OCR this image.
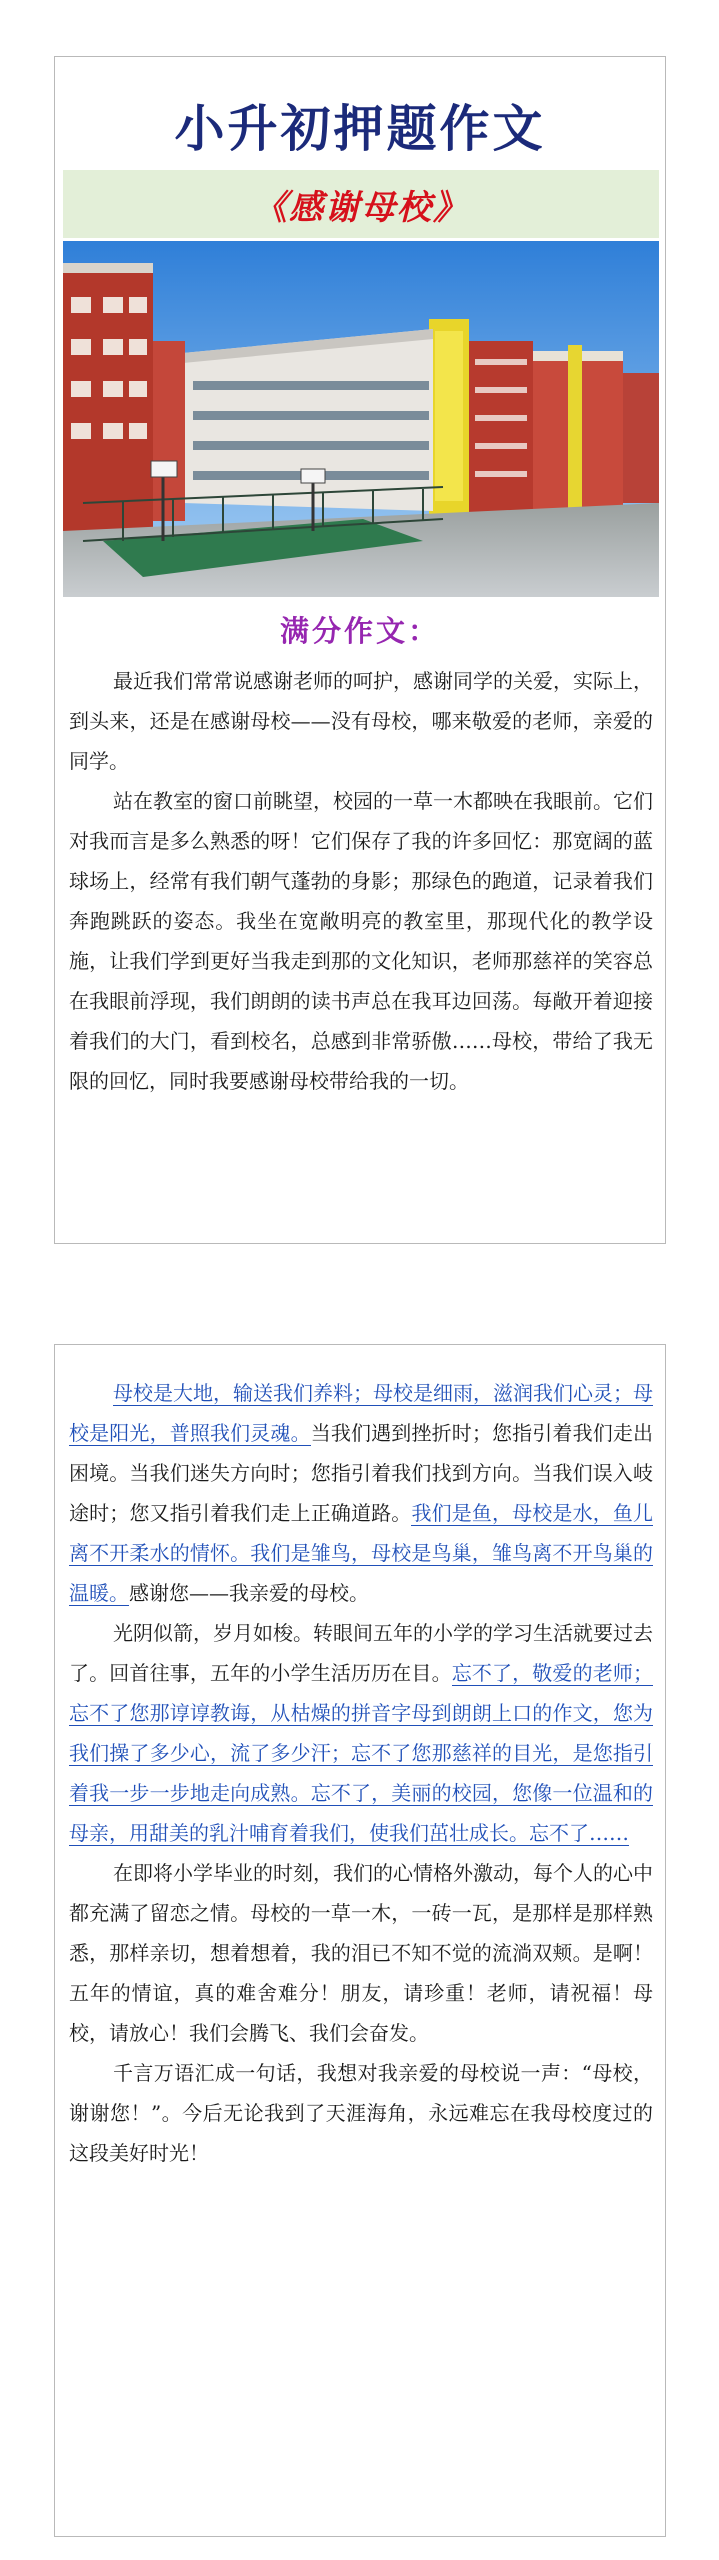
小升初押题作文
《感谢母校》
满分作文：

最近我们常常说感谢老师的呵护，感谢同学的关爱，实际上，到头来，还是在感谢母校——没有母校，哪来敬爱的老师，亲爱的同学。

站在教室的窗口前眺望，校园的一草一木都映在我眼前。它们对我而言是多么熟悉的呀！它们保存了我的许多回忆：那宽阔的蓝球场上，经常有我们朝气蓬勃的身影；那绿色的跑道，记录着我们奔跑跳跃的姿态。我坐在宽敞明亮的教室里，那现代化的教学设施，让我们学到更好当我走到那的文化知识，老师那慈祥的笑容总在我眼前浮现，我们朗朗的读书声总在我耳边回荡。每敞开着迎接着我们的大门，看到校名，总感到非常骄傲……母校，带给了我无限的回忆，同时我要感谢母校带给我的一切。

母校是大地，输送我们养料；母校是细雨，滋润我们心灵；母校是阳光，普照我们灵魂。当我们遇到挫折时；您指引着我们走出困境。当我们迷失方向时；您指引着我们找到方向。当我们误入岐途时；您又指引着我们走上正确道路。我们是鱼，母校是水，鱼儿离不开柔水的情怀。我们是雏鸟，母校是鸟巢，雏鸟离不开鸟巢的温暖。感谢您——我亲爱的母校。

光阴似箭，岁月如梭。转眼间五年的小学的学习生活就要过去了。回首往事，五年的小学生活历历在目。忘不了，敬爱的老师；忘不了您那谆谆教诲，从枯燥的拼音字母到朗朗上口的作文，您为我们操了多少心，流了多少汗；忘不了您那慈祥的目光，是您指引着我一步一步地走向成熟。忘不了，美丽的校园，您像一位温和的母亲，用甜美的乳汁哺育着我们，使我们茁壮成长。忘不了……

在即将小学毕业的时刻，我们的心情格外激动，每个人的心中都充满了留恋之情。母校的一草一木，一砖一瓦，是那样是那样熟悉，那样亲切，想着想着，我的泪已不知不觉的流淌双颊。是啊！五年的情谊，真的难舍难分！朋友，请珍重！老师，请祝福！母校，请放心！我们会腾飞、我们会奋发。

千言万语汇成一句话，我想对我亲爱的母校说一声：“母校，谢谢您！”。今后无论我到了天涯海角，永远难忘在我母校度过的这段美好时光！
